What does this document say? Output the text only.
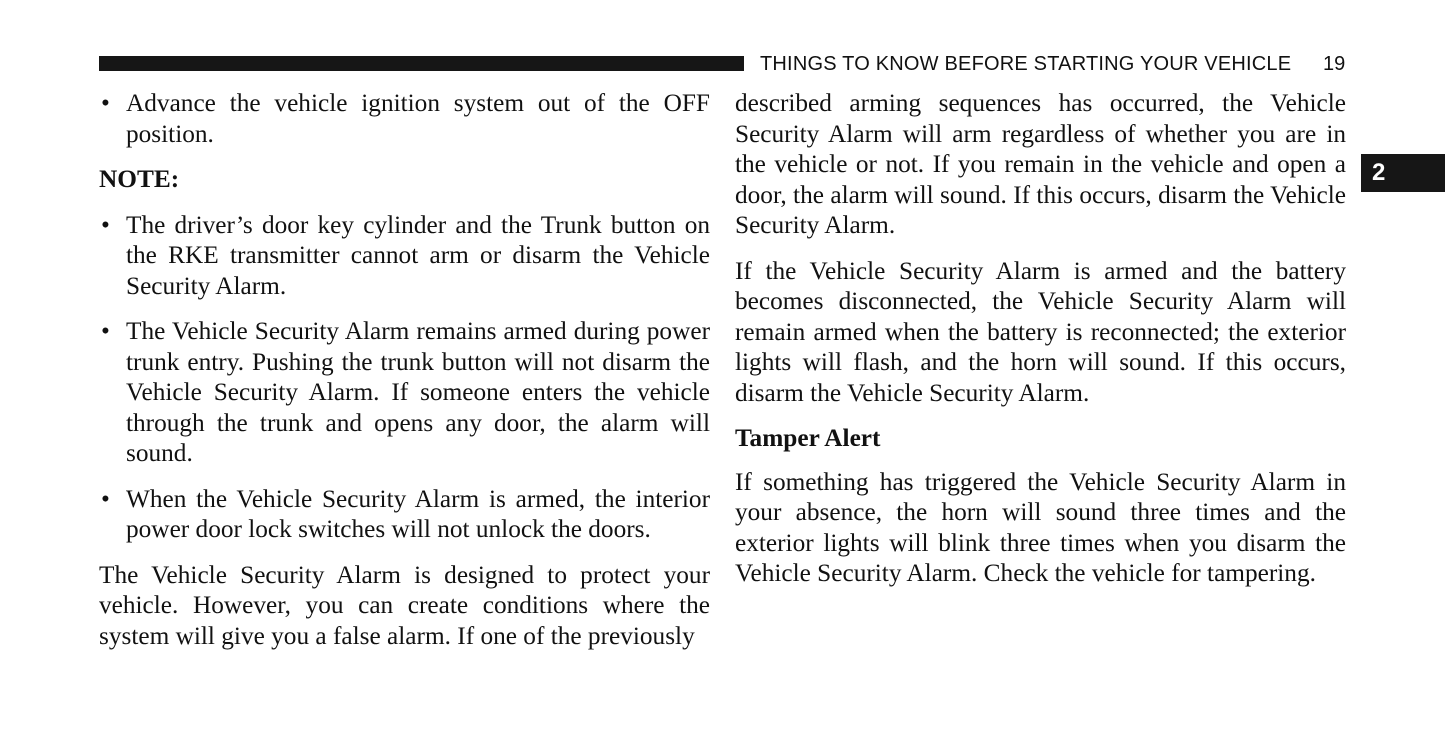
THINGS TO KNOW BEFORE STARTING YOUR VEHICLE 19
2
• Advance the vehicle ignition system out of the OFF position.
NOTE:
• The driver’s door key cylinder and the Trunk button on the RKE transmitter cannot arm or disarm the Vehicle Security Alarm.
• The Vehicle Security Alarm remains armed during power trunk entry. Pushing the trunk button will not disarm the Vehicle Security Alarm. If someone enters the vehicle through the trunk and opens any door, the alarm will sound.
• When the Vehicle Security Alarm is armed, the interior power door lock switches will not unlock the doors.

The Vehicle Security Alarm is designed to protect your vehicle. However, you can create conditions where the system will give you a false alarm. If one of the previously

described arming sequences has occurred, the Vehicle Security Alarm will arm regardless of whether you are in the vehicle or not. If you remain in the vehicle and open a door, the alarm will sound. If this occurs, disarm the Vehicle Security Alarm.

If the Vehicle Security Alarm is armed and the battery becomes disconnected, the Vehicle Security Alarm will remain armed when the battery is reconnected; the exterior lights will flash, and the horn will sound. If this occurs, disarm the Vehicle Security Alarm.

Tamper Alert

If something has triggered the Vehicle Security Alarm in your absence, the horn will sound three times and the exterior lights will blink three times when you disarm the Vehicle Security Alarm. Check the vehicle for tampering.
